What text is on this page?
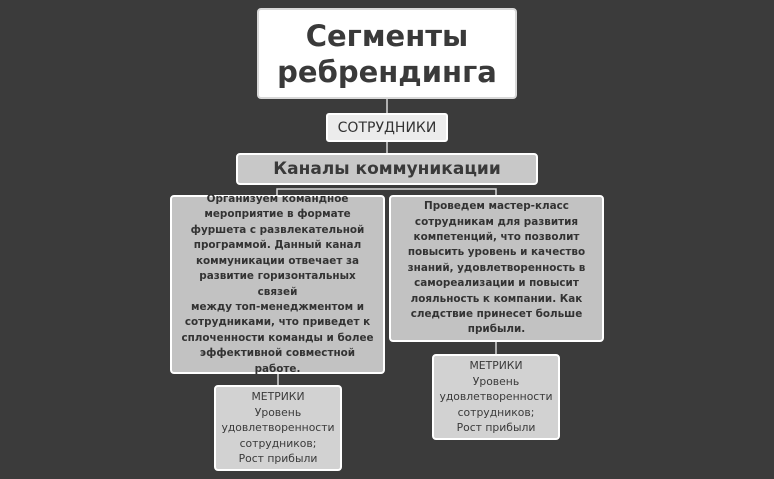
Сегменты
ребрендинга
СОТРУДНИКИ
Каналы коммуникации
Организуем командное
мероприятие в формате
фуршета с развлекательной
программой. Данный канал
коммуникации отвечает за
развитие горизонтальных связей
между топ-менеджментом и
сотрудниками, что приведет к
сплоченности команды и более
эффективной совместной
работе.
Проведем мастер-класс
сотрудникам для развития
компетенций, что позволит
повысить уровень и качество
знаний, удовлетворенность в
самореализации и повысит
лояльность к компании. Как
следствие принесет больше
прибыли.
МЕТРИКИ
Уровень
удовлетворенности
сотрудников;
Рост прибыли
МЕТРИКИ
Уровень
удовлетворенности
сотрудников;
Рост прибыли
